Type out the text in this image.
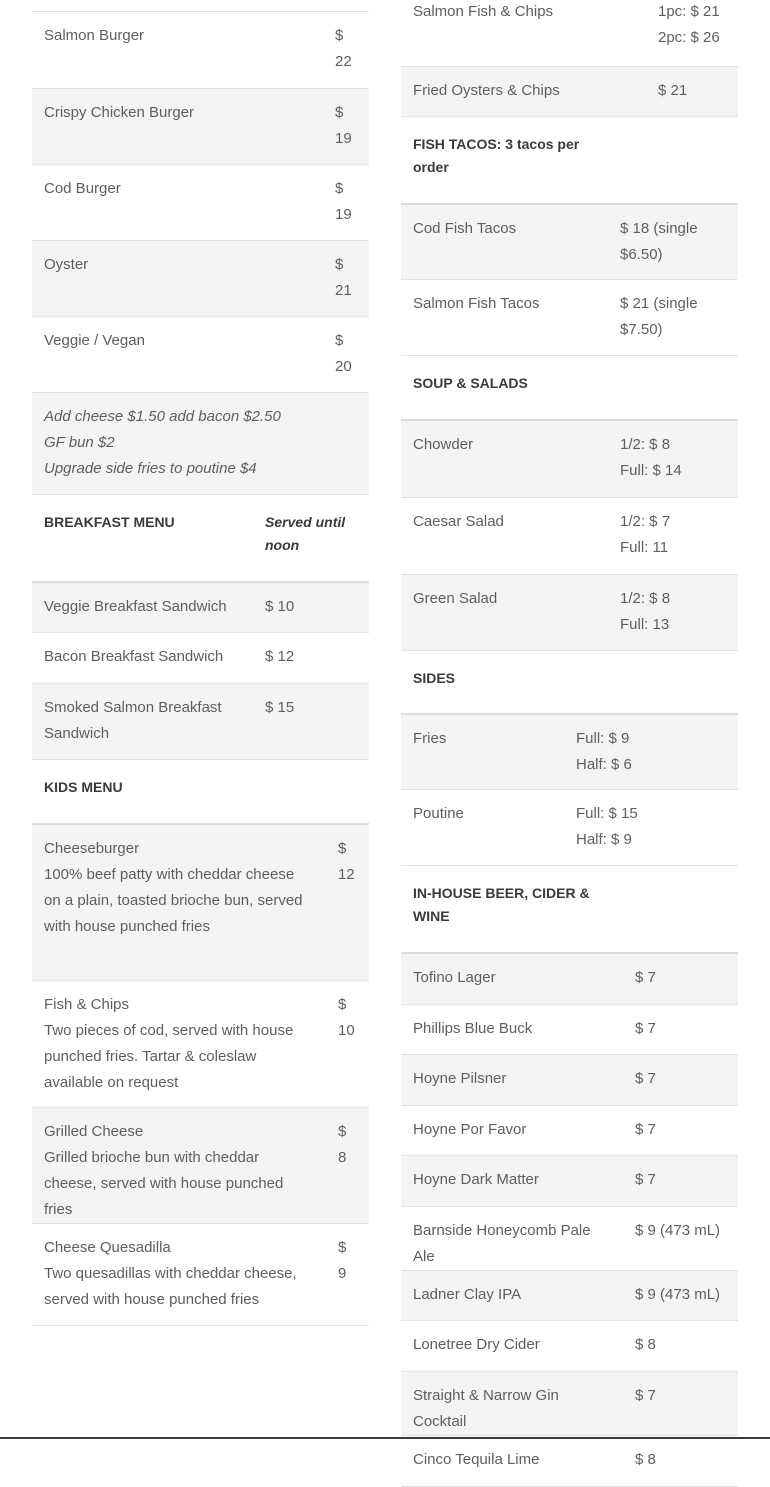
Salmon Burger	$ 22
Crispy Chicken Burger	$ 19
Cod Burger	$ 19
Oyster	$ 21
Veggie / Vegan	$ 20

Add cheese $1.50 add bacon $2.50
GF bun $2
Upgrade side fries to poutine $4	
BREAKFAST MENU	Served until noon
Veggie Breakfast Sandwich	$ 10
Bacon Breakfast Sandwich	$ 12
Smoked Salmon Breakfast Sandwich	$ 15
KIDS MENU	

Cheeseburger
100% beef patty with cheddar cheese on a plain, toasted brioche bun, served with house punched fries	$ 12

Fish & Chips
Two pieces of cod, served with house punched fries. Tartar & coleslaw available on request	$ 10

Grilled Cheese
Grilled brioche bun with cheddar cheese, served with house punched fries	$ 8

Cheese Quesadilla
Two quesadillas with cheddar cheese, served with house punched fries	$ 9
Salmon Fish & Chips	1pc: $ 21
2pc: $ 26

Fried Oysters & Chips	$ 21
FISH TACOS: 3 tacos per order	
Cod Fish Tacos	$ 18 (single $6.50)
Salmon Fish Tacos	$ 21 (single $7.50)
SOUP & SALADS	
Chowder	1/2: $ 8
Full: $ 14

Caesar Salad	1/2: $ 7
Full: 11

Green Salad	1/2: $ 8
Full: 13
SIDES	
Fries	Full: $ 9
Half: $ 6

Poutine	Full: $ 15
Half: $ 9
IN-HOUSE BEER, CIDER & WINE	
Tofino Lager	$ 7
Phillips Blue Buck	$ 7
Hoyne Pilsner	$ 7
Hoyne Por Favor	$ 7
Hoyne Dark Matter	$ 7
Barnside Honeycomb Pale Ale	$ 9 (473 mL)
Ladner Clay IPA	$ 9 (473 mL)
Lonetree Dry Cider	$ 8
Straight & Narrow Gin Cocktail	$ 7
Cinco Tequila Lime	$ 8
